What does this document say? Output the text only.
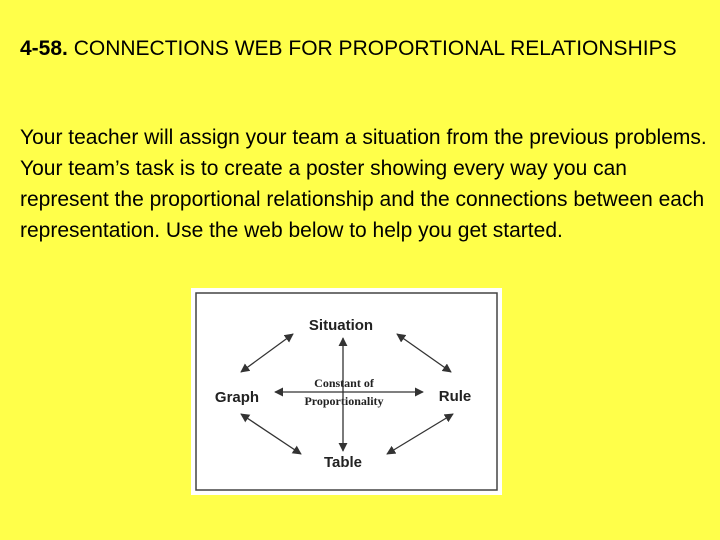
4-58. CONNECTIONS WEB FOR PROPORTIONAL RELATIONSHIPS
Your teacher will assign your team a situation from the previous problems. Your team’s task is to create a poster showing every way you can represent the proportional relationship and the connections between each representation. Use the web below to help you get started.
Situation
Graph	Rule
Table
Constant of
Proportionality
